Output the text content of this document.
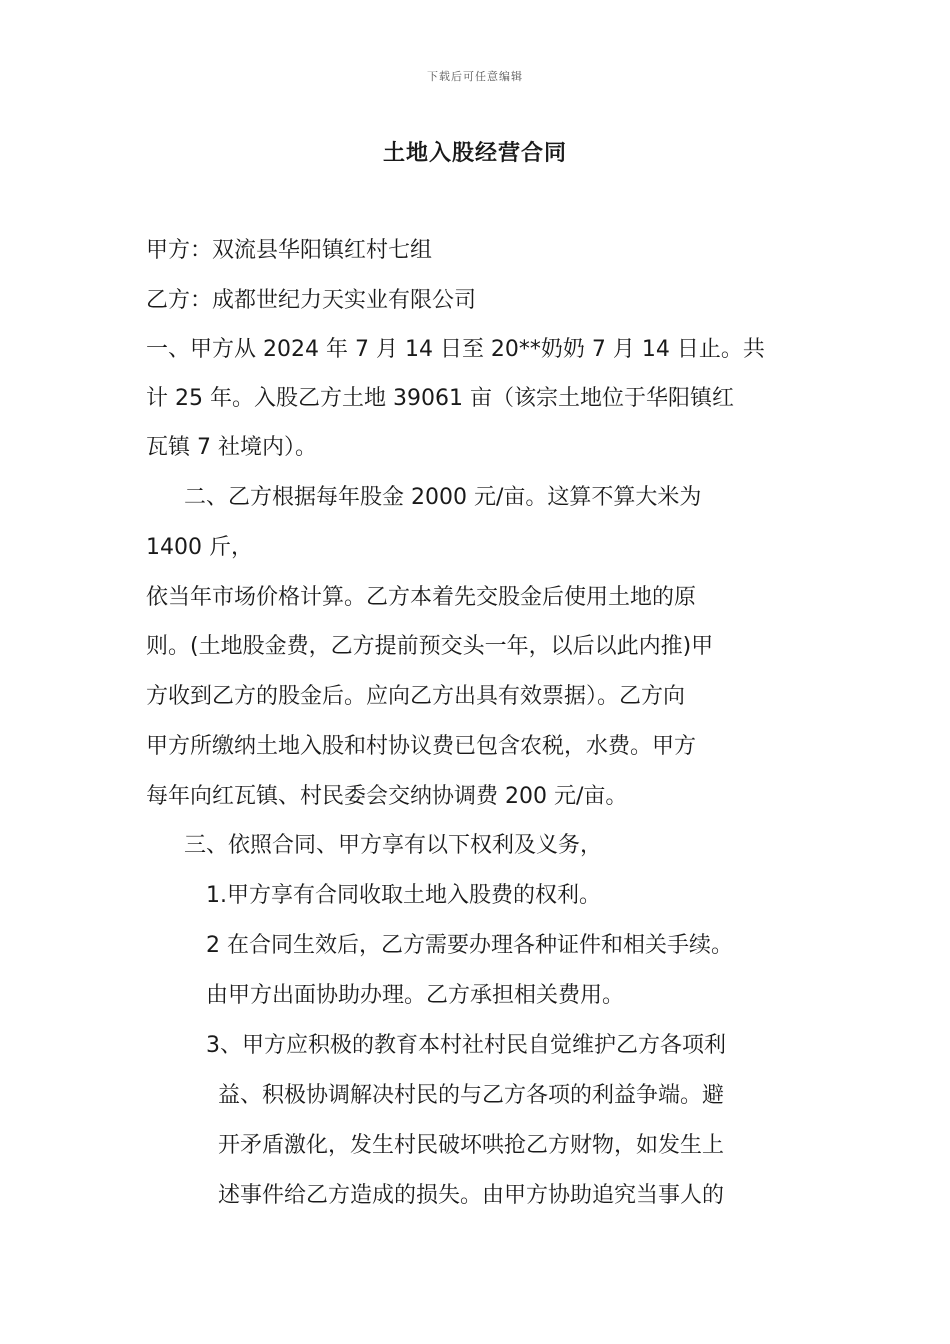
下载后可任意编辑
土地入股经营合同
甲方：双流县华阳镇红村七组
乙方：成都世纪力天实业有限公司
一、甲方从 2024 年 7 月 14 日至 20**奶奶 7 月 14 日止。共
计 25 年。入股乙方土地 39061 亩（该宗土地位于华阳镇红
瓦镇 7 社境内）。
二、乙方根据每年股金 2000 元/亩。这算不算大米为
1400 斤，
依当年市场价格计算。乙方本着先交股金后使用土地的原
则。(土地股金费，乙方提前预交头一年，以后以此内推)甲
方收到乙方的股金后。应向乙方出具有效票据）。乙方向
甲方所缴纳土地入股和村协议费已包含农税，水费。甲方
每年向红瓦镇、村民委会交纳协调费 200 元/亩。
三、依照合同、甲方享有以下权利及义务，
1.甲方享有合同收取土地入股费的权利。
2 在合同生效后，乙方需要办理各种证件和相关手续。
由甲方出面协助办理。乙方承担相关费用。
3、甲方应积极的教育本村社村民自觉维护乙方各项利
益、积极协调解决村民的与乙方各项的利益争端。避
开矛盾激化，发生村民破坏哄抢乙方财物，如发生上
述事件给乙方造成的损失。由甲方协助追究当事人的
